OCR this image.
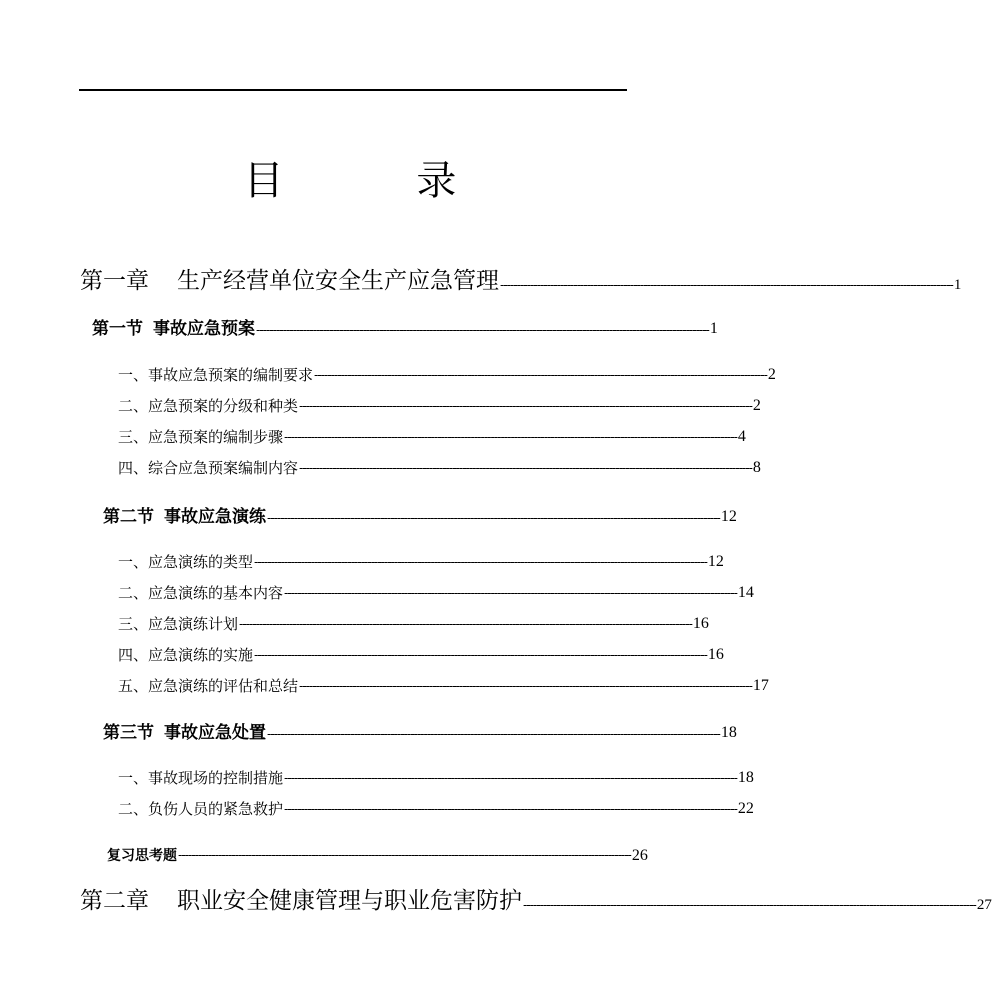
目 录
第一章 生产经营单位安全生产应急管理 ---------------------------------------------------------------------------------------------------------------------------------------- 1
第一节 事故应急预案 ---------------------------------------------------------------------------------------------------------------------------------------- 1
一、事故应急预案的编制要求 ---------------------------------------------------------------------------------------------------------------------------------------- 2
二、应急预案的分级和种类 ---------------------------------------------------------------------------------------------------------------------------------------- 2
三、应急预案的编制步骤 ---------------------------------------------------------------------------------------------------------------------------------------- 4
四、综合应急预案编制内容 ---------------------------------------------------------------------------------------------------------------------------------------- 8
第二节 事故应急演练 ---------------------------------------------------------------------------------------------------------------------------------------- 12
一、应急演练的类型 ---------------------------------------------------------------------------------------------------------------------------------------- 12
二、应急演练的基本内容 ---------------------------------------------------------------------------------------------------------------------------------------- 14
三、应急演练计划 ---------------------------------------------------------------------------------------------------------------------------------------- 16
四、应急演练的实施 ---------------------------------------------------------------------------------------------------------------------------------------- 16
五、应急演练的评估和总结 ---------------------------------------------------------------------------------------------------------------------------------------- 17
第三节 事故应急处置 ---------------------------------------------------------------------------------------------------------------------------------------- 18
一、事故现场的控制措施 ---------------------------------------------------------------------------------------------------------------------------------------- 18
二、负伤人员的紧急救护 ---------------------------------------------------------------------------------------------------------------------------------------- 22
复习思考题 ---------------------------------------------------------------------------------------------------------------------------------------- 26
第二章 职业安全健康管理与职业危害防护 ---------------------------------------------------------------------------------------------------------------------------------------- 27
